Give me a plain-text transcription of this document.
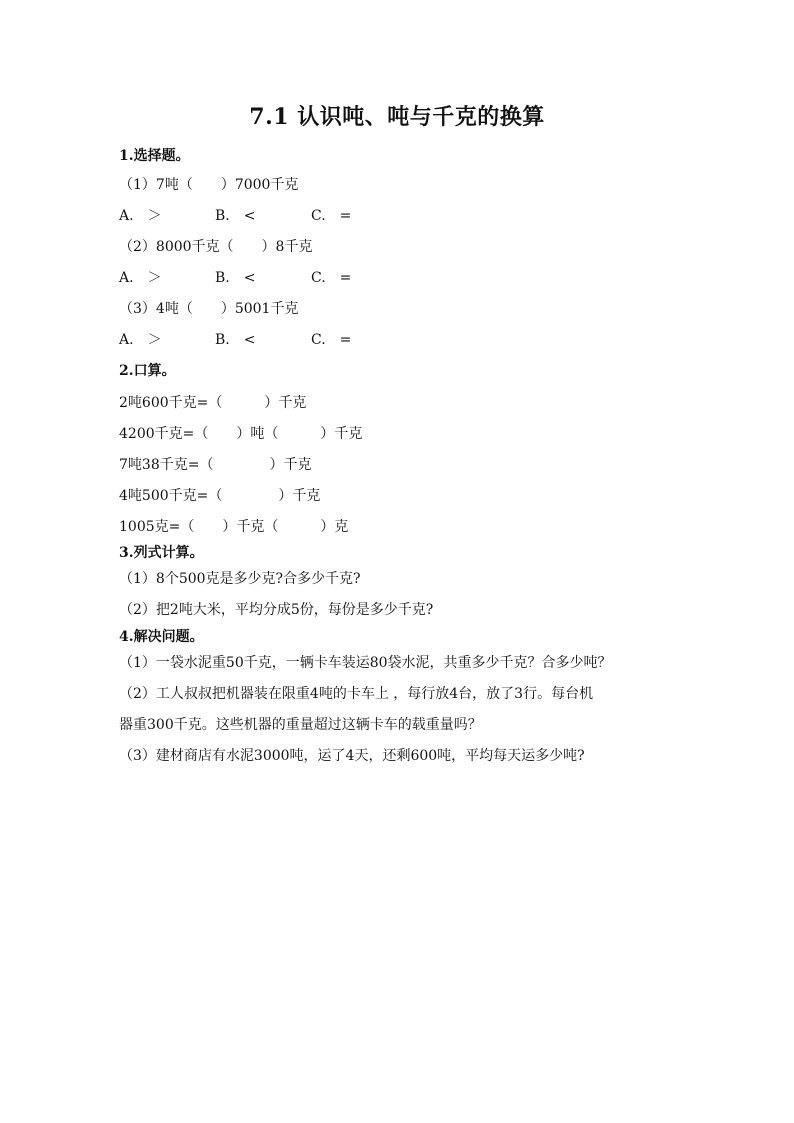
7.1 认识吨、吨与千克的换算
1.选择题。
（1）7吨（　　）7000千克
A.　＞	B.　<	C.　=
（2）8000千克（　　）8千克
A.　＞	B.　<	C.　=
（3）4吨（　　）5001千克
A.　＞	B.　<	C.　=
2.口算。
2吨600千克=（　　　）千克
4200千克=（　　）吨（　　　）千克
7吨38千克=（　　　　）千克
4吨500千克=（　　　　）千克
1005克=（　　）千克（　　　）克
3.列式计算。
（1）8个500克是多少克?合多少千克?
（2）把2吨大米，平均分成5份，每份是多少千克?
4.解决问题。
（1）一袋水泥重50千克，一辆卡车装运80袋水泥，共重多少千克？合多少吨？
（2）工人叔叔把机器装在限重4吨的卡车上 ，每行放4台，放了3行。每台机
器重300千克。这些机器的重量超过这辆卡车的载重量吗？
（3）建材商店有水泥3000吨，运了4天，还剩600吨，平均每天运多少吨?
